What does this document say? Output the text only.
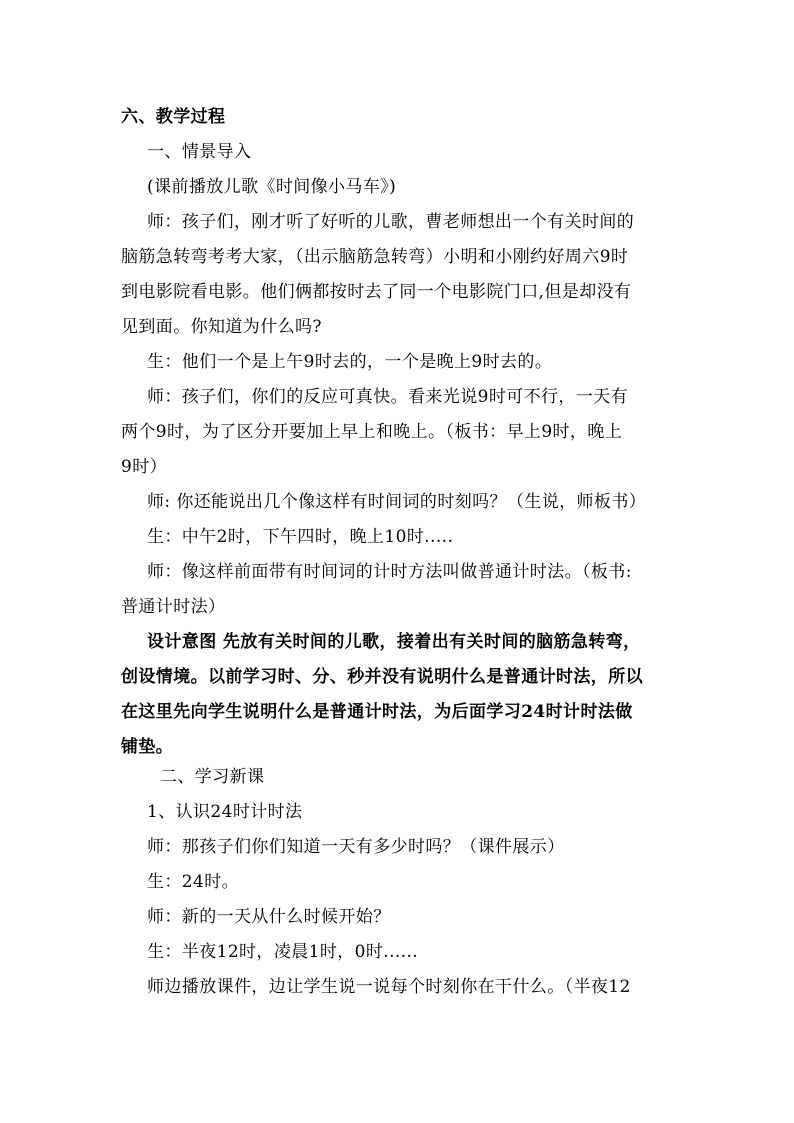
六、教学过程
一、情景导入
(课前播放儿歌《时间像小马车》)
师：孩子们，刚才听了好听的儿歌，曹老师想出一个有关时间的
脑筋急转弯考考大家，（出示脑筋急转弯）小明和小刚约好周六9时
到电影院看电影。他们俩都按时去了同一个电影院门口,但是却没有
见到面。你知道为什么吗?
生：他们一个是上午9时去的，一个是晚上9时去的。
师：孩子们，你们的反应可真快。看来光说9时可不行，一天有
两个9时，为了区分开要加上早上和晚上。（板书：早上9时，晚上
9时）
师: 你还能说出几个像这样有时间词的时刻吗？（生说，师板书）
生：中午2时，下午四时，晚上10时.....
师：像这样前面带有时间词的计时方法叫做普通计时法。（板书:
普通计时法）
设计意图 先放有关时间的儿歌，接着出有关时间的脑筋急转弯，
创设情境。以前学习时、分、秒并没有说明什么是普通计时法，所以
在这里先向学生说明什么是普通计时法，为后面学习24时计时法做
铺垫。
二、学习新课
1、认识24时计时法
师：那孩子们你们知道一天有多少时吗？（课件展示）
生：24时。
师：新的一天从什么时候开始？
生：半夜12时，凌晨1时，0时......
师边播放课件，边让学生说一说每个时刻你在干什么。（半夜12
